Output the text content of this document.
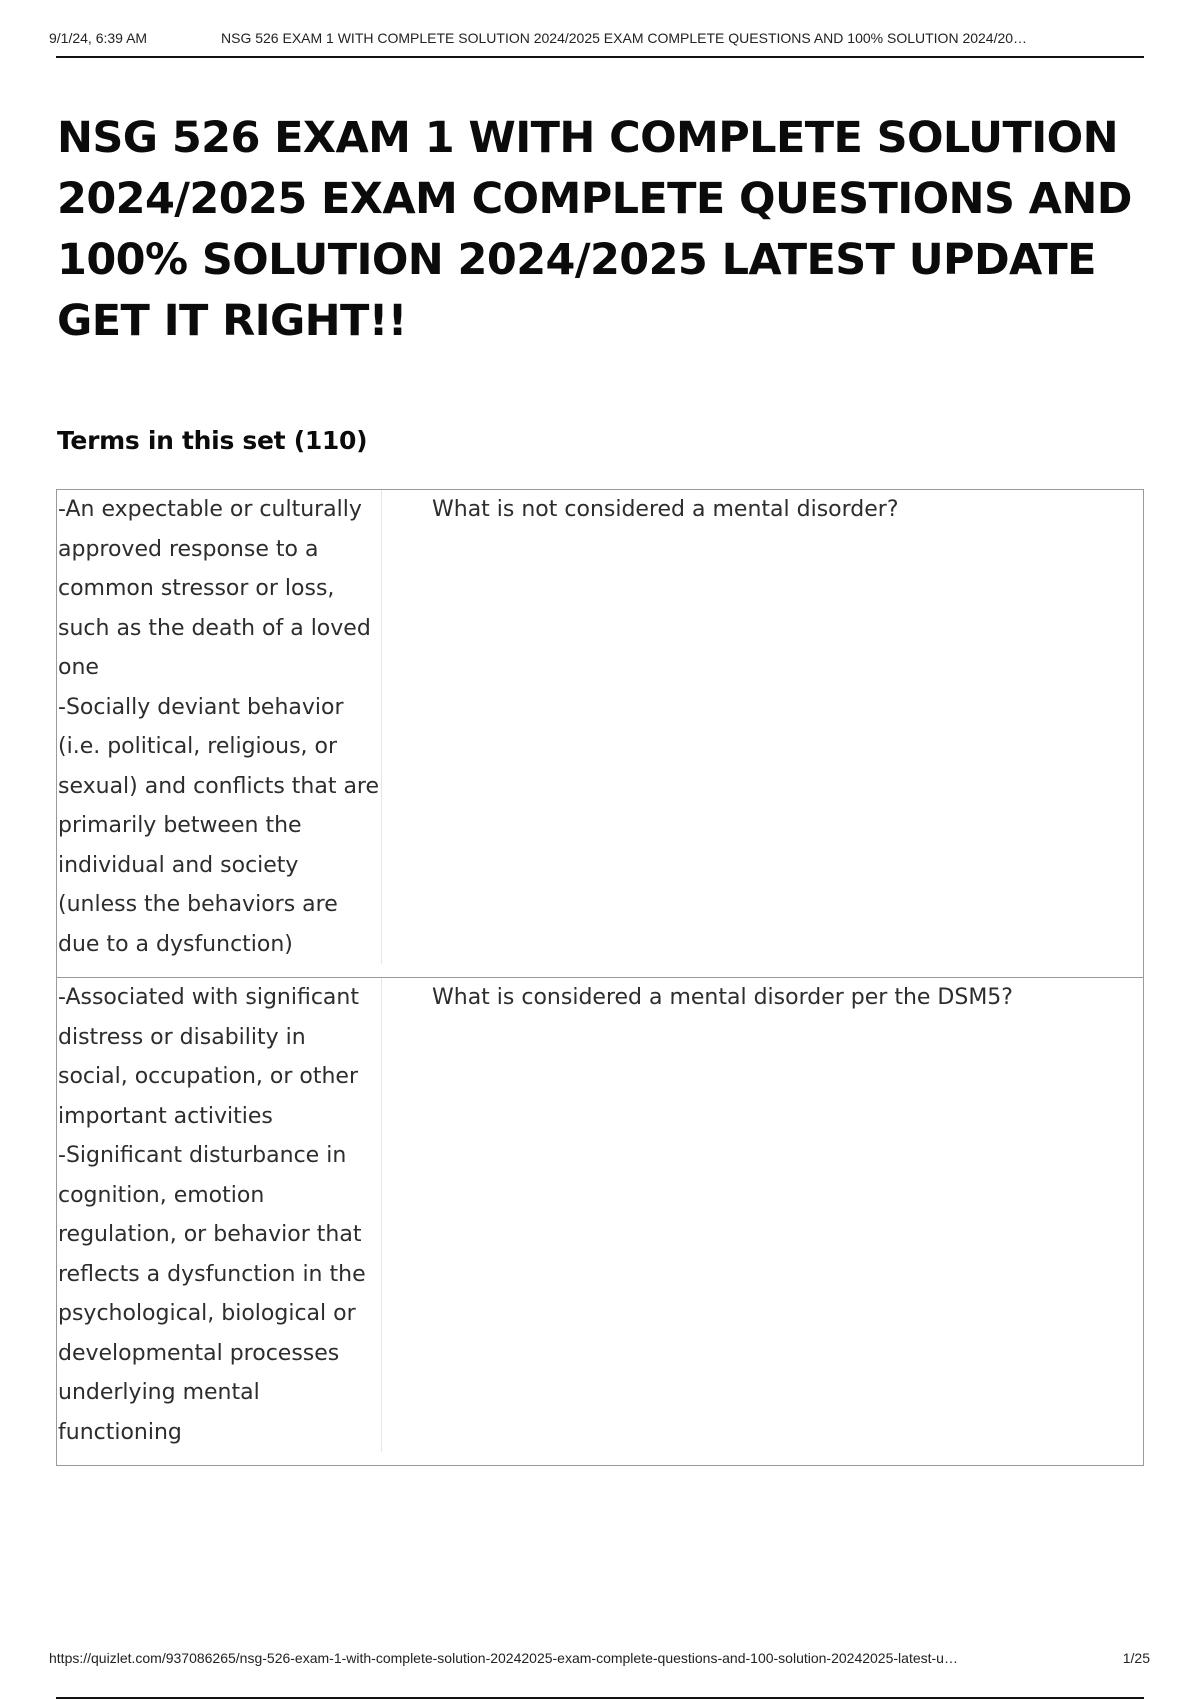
9/1/24, 6:39 AM	NSG 526 EXAM 1 WITH COMPLETE SOLUTION 2024/2025 EXAM COMPLETE QUESTIONS AND 100% SOLUTION 2024/20…
NSG 526 EXAM 1 WITH COMPLETE SOLUTION 2024/2025 EXAM COMPLETE QUESTIONS AND 100% SOLUTION 2024/2025 LATEST UPDATE GET IT RIGHT!!
Terms in this set (110)
-An expectable or culturally approved response to a common stressor or loss, such as the death of a loved one
-Socially deviant behavior (i.e. political, religious, or sexual) and conflicts that are primarily between the individual and society (unless the behaviors are due to a dysfunction)
What is not considered a mental disorder?
-Associated with significant distress or disability in social, occupation, or other important activities
-Significant disturbance in cognition, emotion regulation, or behavior that reflects a dysfunction in the psychological, biological or developmental processes underlying mental functioning
What is considered a mental disorder per the DSM5?
https://quizlet.com/937086265/nsg-526-exam-1-with-complete-solution-20242025-exam-complete-questions-and-100-solution-20242025-latest-u…	1/25
